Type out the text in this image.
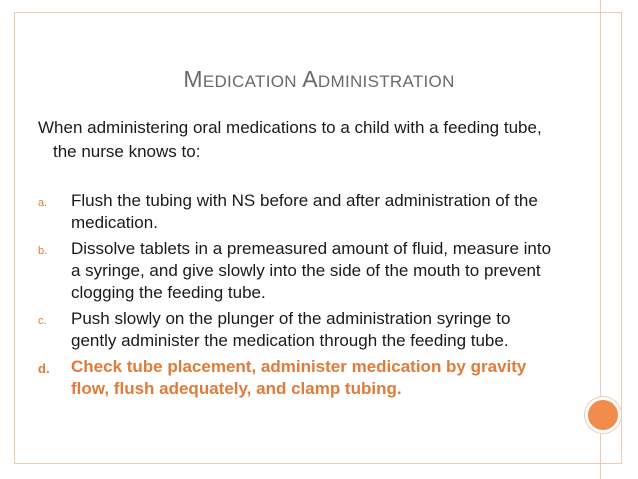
MEDICATION ADMINISTRATION
When administering oral medications to a child with a feeding tube, the nurse knows to:
a. Flush the tubing with NS before and after administration of the medication.
b. Dissolve tablets in a premeasured amount of fluid, measure into a syringe, and give slowly into the side of the mouth to prevent clogging the feeding tube.
c. Push slowly on the plunger of the administration syringe to gently administer the medication through the feeding tube.
d. Check tube placement, administer medication by gravity flow, flush adequately, and clamp tubing.
